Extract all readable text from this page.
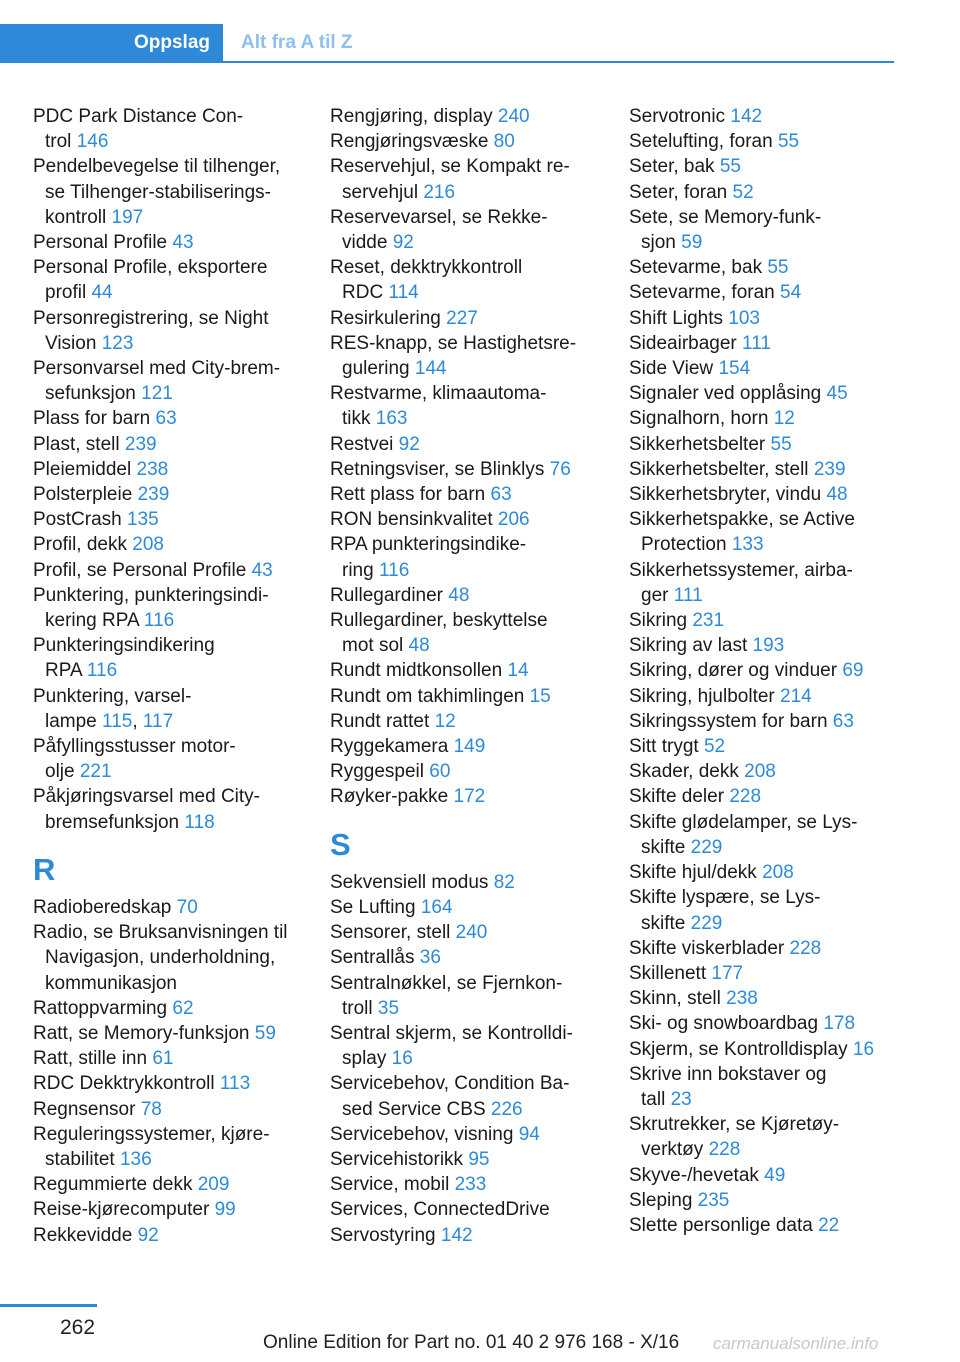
Oppslag	Alt fra A til Z
PDC Park Distance Con-
trol 146
Pendelbevegelse til tilhenger,
se Tilhenger-stabiliserings-
kontroll 197
Personal Profile 43
Personal Profile, eksportere
profil 44
Personregistrering, se Night
Vision 123
Personvarsel med City-brem-
sefunksjon 121
Plass for barn 63
Plast, stell 239
Pleiemiddel 238
Polsterpleie 239
PostCrash 135
Profil, dekk 208
Profil, se Personal Profile 43
Punktering, punkteringsindi-
kering RPA 116
Punkteringsindikering
RPA 116
Punktering, varsel-
lampe 115, 117
Påfyllingsstusser motor-
olje 221
Påkjøringsvarsel med City-
bremsefunksjon 118
R
Radioberedskap 70
Radio, se Bruksanvisningen til
Navigasjon, underholdning,
kommunikasjon
Rattoppvarming 62
Ratt, se Memory-funksjon 59
Ratt, stille inn 61
RDC Dekktrykkontroll 113
Regnsensor 78
Reguleringssystemer, kjøre-
stabilitet 136
Regummierte dekk 209
Reise-kjørecomputer 99
Rekkevidde 92
Rengjøring, display 240
Rengjøringsvæske 80
Reservehjul, se Kompakt re-
servehjul 216
Reservevarsel, se Rekke-
vidde 92
Reset, dekktrykkontroll
RDC 114
Resirkulering 227
RES-knapp, se Hastighetsre-
gulering 144
Restvarme, klimaautoma-
tikk 163
Restvei 92
Retningsviser, se Blinklys 76
Rett plass for barn 63
RON bensinkvalitet 206
RPA punkteringsindike-
ring 116
Rullegardiner 48
Rullegardiner, beskyttelse
mot sol 48
Rundt midtkonsollen 14
Rundt om takhimlingen 15
Rundt rattet 12
Ryggekamera 149
Ryggespeil 60
Røyker-pakke 172
S
Sekvensiell modus 82
Se Lufting 164
Sensorer, stell 240
Sentrallås 36
Sentralnøkkel, se Fjernkon-
troll 35
Sentral skjerm, se Kontrolldi-
splay 16
Servicebehov, Condition Ba-
sed Service CBS 226
Servicebehov, visning 94
Servicehistorikk 95
Service, mobil 233
Services, ConnectedDrive
Servostyring 142
Servotronic 142
Setelufting, foran 55
Seter, bak 55
Seter, foran 52
Sete, se Memory-funk-
sjon 59
Setevarme, bak 55
Setevarme, foran 54
Shift Lights 103
Sideairbager 111
Side View 154
Signaler ved opplåsing 45
Signalhorn, horn 12
Sikkerhetsbelter 55
Sikkerhetsbelter, stell 239
Sikkerhetsbryter, vindu 48
Sikkerhetspakke, se Active
Protection 133
Sikkerhetssystemer, airba-
ger 111
Sikring 231
Sikring av last 193
Sikring, dører og vinduer 69
Sikring, hjulbolter 214
Sikringssystem for barn 63
Sitt trygt 52
Skader, dekk 208
Skifte deler 228
Skifte glødelamper, se Lys-
skifte 229
Skifte hjul/dekk 208
Skifte lyspære, se Lys-
skifte 229
Skifte viskerblader 228
Skillenett 177
Skinn, stell 238
Ski- og snowboardbag 178
Skjerm, se Kontrolldisplay 16
Skrive inn bokstaver og
tall 23
Skrutrekker, se Kjøretøy-
verktøy 228
Skyve-/hevetak 49
Sleping 235
Slette personlige data 22
262
Online Edition for Part no. 01 40 2 976 168 - X/16 carmanualsonline.info
